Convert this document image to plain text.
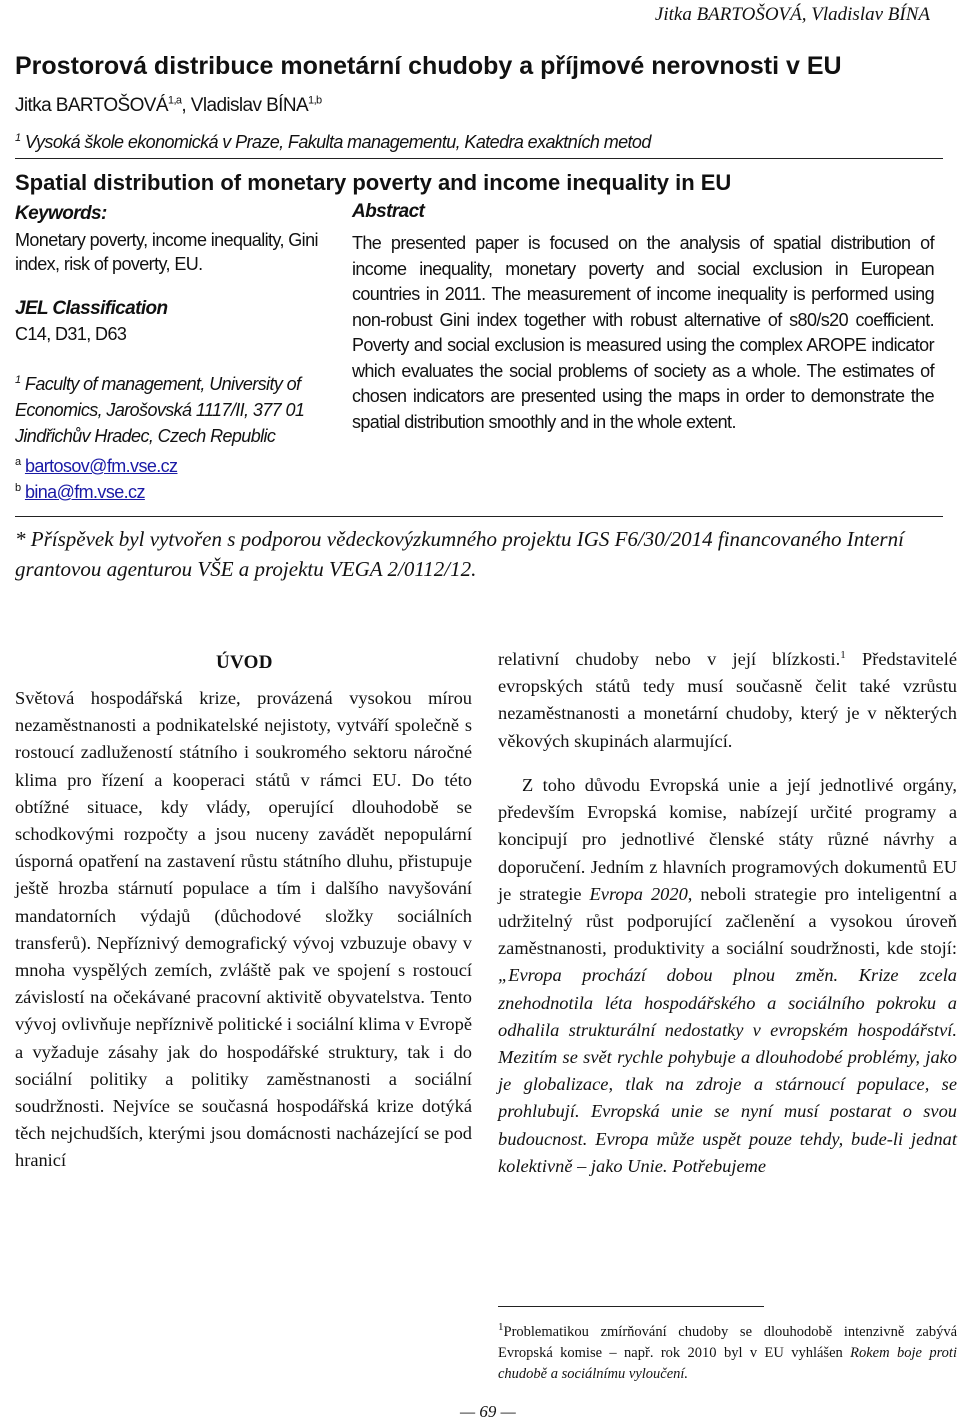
Jitka BARTOŠOVÁ, Vladislav BÍNA
Prostorová distribuce monetární chudoby a příjmové nerovnosti v EU
Jitka BARTOŠOVÁ$^{1,a}$, Vladislav BÍNA$^{1,b}$
$^1$ Vysoká škole ekonomická v Praze, Fakulta managementu, Katedra exaktních metod
Spatial distribution of monetary poverty and income inequality in EU
Keywords:
Monetary poverty, income inequality, Gini index, risk of poverty, EU.
JEL Classification
C14, D31, D63
$^1$ Faculty of management, University of Economics, Jarošovská 1117/II, 377 01 Jindřichův Hradec, Czech Republic
$^a$ bartosov@fm.vse.cz
$^b$ bina@fm.vse.cz
Abstract
The presented paper is focused on the analysis of spatial distribution of income inequality, monetary poverty and social exclusion in European countries in 2011. The measurement of income inequality is performed using non-robust Gini index together with robust alternative of s80/s20 coefficient. Poverty and social exclusion is measured using the complex AROPE indicator which evaluates the social problems of society as a whole. The estimates of chosen indicators are presented using the maps in order to demonstrate the spatial distribution smoothly and in the whole extent.
* Příspěvek byl vytvořen s podporou vědeckovýzkumného projektu IGS F6/30/2014 financovaného Interní grantovou agenturou VŠE a projektu VEGA 2/0112/12.
ÚVOD
Světová hospodářská krize, provázená vysokou mírou nezaměstnanosti a podnikatelské nejistoty, vytváří společně s rostoucí zadlužeností státního i soukromého sektoru náročné klima pro řízení a kooperaci států v rámci EU. Do této obtížné situace, kdy vlády, operující dlouhodobě se schodkovými rozpočty a jsou nuceny zavádět nepopulární úsporná opatření na zastavení růstu státního dluhu, přistupuje ještě hrozba stárnutí populace a tím i dalšího navyšování mandatorních výdajů (důchodové složky sociálních transferů). Nepříznivý demografický vývoj vzbuzuje obavy v mnoha vyspělých zemích, zvláště pak ve spojení s rostoucí závislostí na očekávané pracovní aktivitě obyvatelstva. Tento vývoj ovlivňuje nepříznivě politické i sociální klima v Evropě a vyžaduje zásahy jak do hospodářské struktury, tak i do sociální politiky a politiky zaměstnanosti a sociální soudržnosti. Nejvíce se současná hospodářská krize dotýká těch nejchudších, kterými jsou domácnosti nacházející se pod hranicí
relativní chudoby nebo v její blízkosti.$^1$ Představitelé evropských států tedy musí současně čelit také vzrůstu nezaměstnanosti a monetární chudoby, který je v některých věkových skupinách alarmující.
Z toho důvodu Evropská unie a její jednotlivé orgány, především Evropská komise, nabízejí určité programy a koncipují pro jednotlivé členské státy různé návrhy a doporučení. Jedním z hlavních programových dokumentů EU je strategie Evropa 2020, neboli strategie pro inteligentní a udržitelný růst podporující začlenění a vysokou úroveň zaměstnanosti, produktivity a sociální soudržnosti, kde stojí: „Evropa prochází dobou plnou změn. Krize zcela znehodnotila léta hospodářského a sociálního pokroku a odhalila strukturální nedostatky v evropském hospodářství. Mezitím se svět rychle pohybuje a dlouhodobé problémy, jako je globalizace, tlak na zdroje a stárnoucí populace, se prohlubují. Evropská unie se nyní musí postarat o svou budoucnost. Evropa může uspět pouze tehdy, bude-li jednat kolektivně – jako Unie. Potřebujeme
$^1$Problematikou zmírňování chudoby se dlouhodobě intenzivně zabývá Evropská komise – např. rok 2010 byl v EU vyhlášen Rokem boje proti chudobě a sociálnímu vyloučení.
— 69 —
